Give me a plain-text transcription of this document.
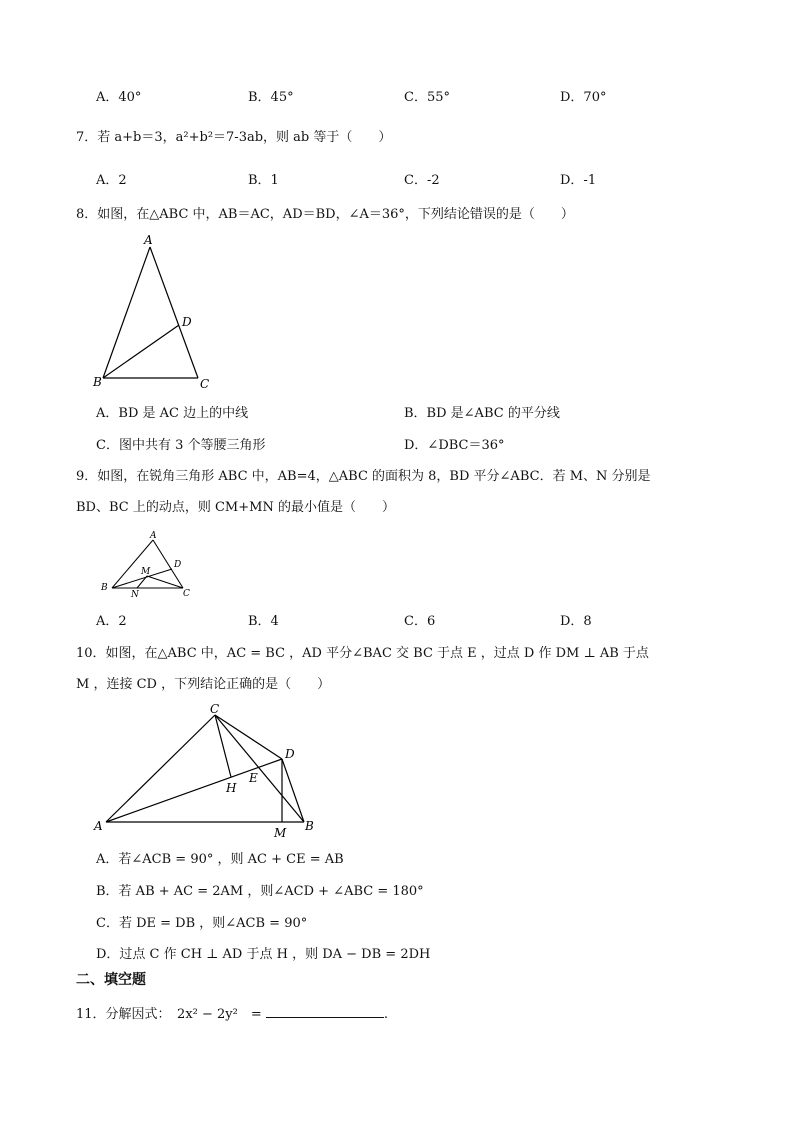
A．40°	B．45°	C．55°	D．70°
7．若 a+b＝3，a²+b²＝7-3ab，则 ab 等于（　　）
A．2	B．1	C．-2	D．-1
8．如图，在△ABC 中，AB＝AC，AD＝BD，∠A＝36°，下列结论错误的是（　　）
A
B	C
D
A．BD 是 AC 边上的中线	B．BD 是∠ABC 的平分线
C．图中共有 3 个等腰三角形	D．∠DBC＝36°
9．如图，在锐角三角形 ABC 中，AB=4，△ABC 的面积为 8，BD 平分∠ABC．若 M、N 分别是
BD、BC 上的动点，则 CM+MN 的最小值是（　　）
A
B
C
D
M
N
A．2	B．4	C．6	D．8
10．如图，在△ABC 中，AC = BC ，AD 平分∠BAC 交 BC 于点 E ，过点 D 作 DM ⊥ AB 于点
M ，连接 CD ，下列结论正确的是（　　）
C
A	B
D
E
H
M
A．若∠ACB = 90° ，则 AC + CE = AB
B．若 AB + AC = 2AM ，则∠ACD + ∠ABC = 180°
C．若 DE = DB ，则∠ACB = 90°
D．过点 C 作 CH ⊥ AD 于点 H ，则 DA − DB = 2DH
二、填空题
11．分解因式：　2x² − 2y²　=	.
